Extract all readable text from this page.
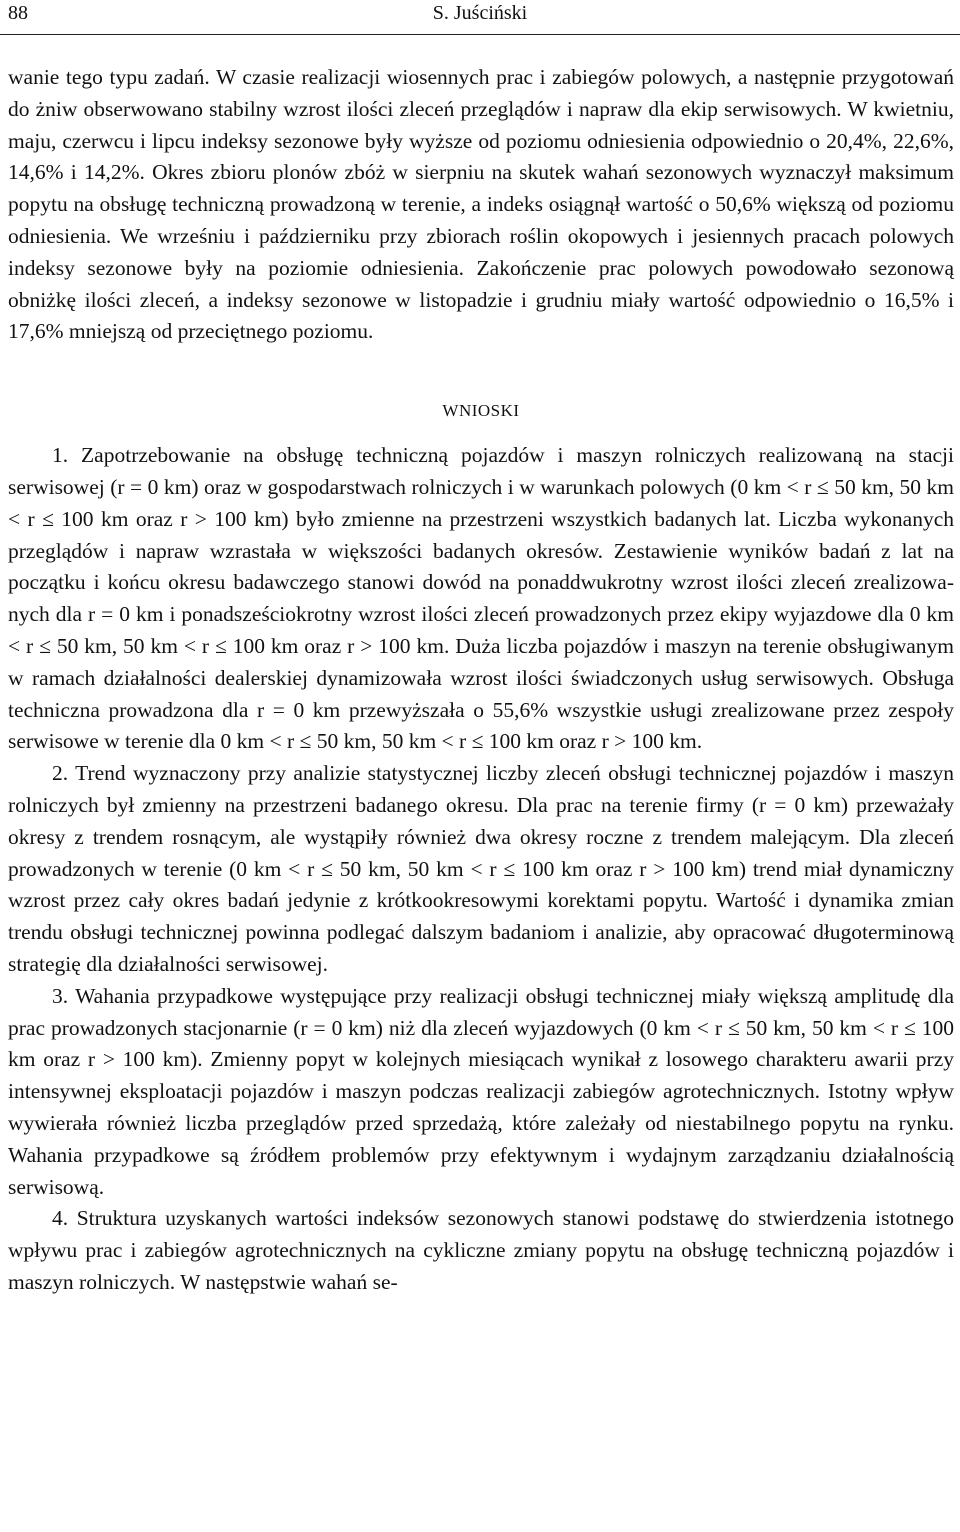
88	S. Juściński

wanie tego typu zadań. W czasie realizacji wiosennych prac i zabiegów polowych, a następnie przygotowań do żniw obserwowano stabilny wzrost ilości zleceń przeglądów i napraw dla ekip serwisowych. W kwietniu, maju, czerwcu i lipcu indeksy sezonowe były wyższe od poziomu odniesienia odpowiednio o 20,4%, 22,6%, 14,6% i 14,2%. Okres zbioru plonów zbóż w sierpniu na skutek wahań sezonowych wyznaczył maksimum popytu na obsługę techniczną prowadzoną w terenie, a indeks osiągnął wartość o 50,6% większą od poziomu odniesienia. We wrześniu i październiku przy zbiorach roślin okopowych i jesiennych pracach polowych indeksy sezonowe były na poziomie odniesienia. Zakończenie prac polowych powodowało sezonową obniżkę ilości zleceń, a indeksy sezonowe w listopadzie i grudniu miały wartość odpowiednio o 16,5% i 17,6% mniejszą od przeciętnego poziomu.

WNIOSKI

1. Zapotrzebowanie na obsługę techniczną pojazdów i maszyn rolniczych realizowaną na stacji serwisowej (r = 0 km) oraz w gospodarstwach rolniczych i w warunkach polowych (0 km < r ≤ 50 km, 50 km < r ≤ 100 km oraz r > 100 km) było zmienne na przestrzeni wszystkich badanych lat. Liczba wykonanych przeglądów i napraw wzrastała w większości badanych okresów. Zestawienie wyników badań z lat na początku i końcu okresu badawczego stanowi dowód na ponaddwukrotny wzrost ilości zleceń zrealizowanych dla r = 0 km i ponadsześciokrotny wzrost ilości zleceń prowadzonych przez ekipy wyjazdowe dla 0 km < r ≤ 50 km, 50 km < r ≤ 100 km oraz r > 100 km. Duża liczba pojazdów i maszyn na terenie obsługiwanym w ramach działalności dealerskiej dynamizowała wzrost ilości świadczonych usług serwisowych. Obsługa techniczna prowadzona dla r = 0 km przewyższała o 55,6% wszystkie usługi zrealizowane przez zespoły serwisowe w terenie dla 0 km < r ≤ 50 km, 50 km < r ≤ 100 km oraz r > 100 km.

2. Trend wyznaczony przy analizie statystycznej liczby zleceń obsługi technicznej pojazdów i maszyn rolniczych był zmienny na przestrzeni badanego okresu. Dla prac na terenie firmy (r = 0 km) przeważały okresy z trendem rosnącym, ale wystąpiły również dwa okresy roczne z trendem malejącym. Dla zleceń prowadzonych w terenie (0 km < r ≤ 50 km, 50 km < r ≤ 100 km oraz r > 100 km) trend miał dynamiczny wzrost przez cały okres badań jedynie z krótkookresowymi korektami popytu. Wartość i dynamika zmian trendu obsługi technicznej powinna podlegać dalszym badaniom i analizie, aby opracować długoterminową strategię dla działalności serwisowej.

3. Wahania przypadkowe występujące przy realizacji obsługi technicznej miały większą amplitudę dla prac prowadzonych stacjonarnie (r = 0 km) niż dla zleceń wyjazdowych (0 km < r ≤ 50 km, 50 km < r ≤ 100 km oraz r > 100 km). Zmienny popyt w kolejnych miesiącach wynikał z losowego charakteru awarii przy intensywnej eksploatacji pojazdów i maszyn podczas realizacji zabiegów agrotechnicznych. Istotny wpływ wywierała również liczba przeglądów przed sprzedażą, które zależały od niestabilnego popytu na rynku. Wahania przypadkowe są źródłem problemów przy efektywnym i wydajnym zarządzaniu działalnością serwisową.

4. Struktura uzyskanych wartości indeksów sezonowych stanowi podstawę do stwierdzenia istotnego wpływu prac i zabiegów agrotechnicznych na cykliczne zmiany popytu na obsługę techniczną pojazdów i maszyn rolniczych. W następstwie wahań se-
